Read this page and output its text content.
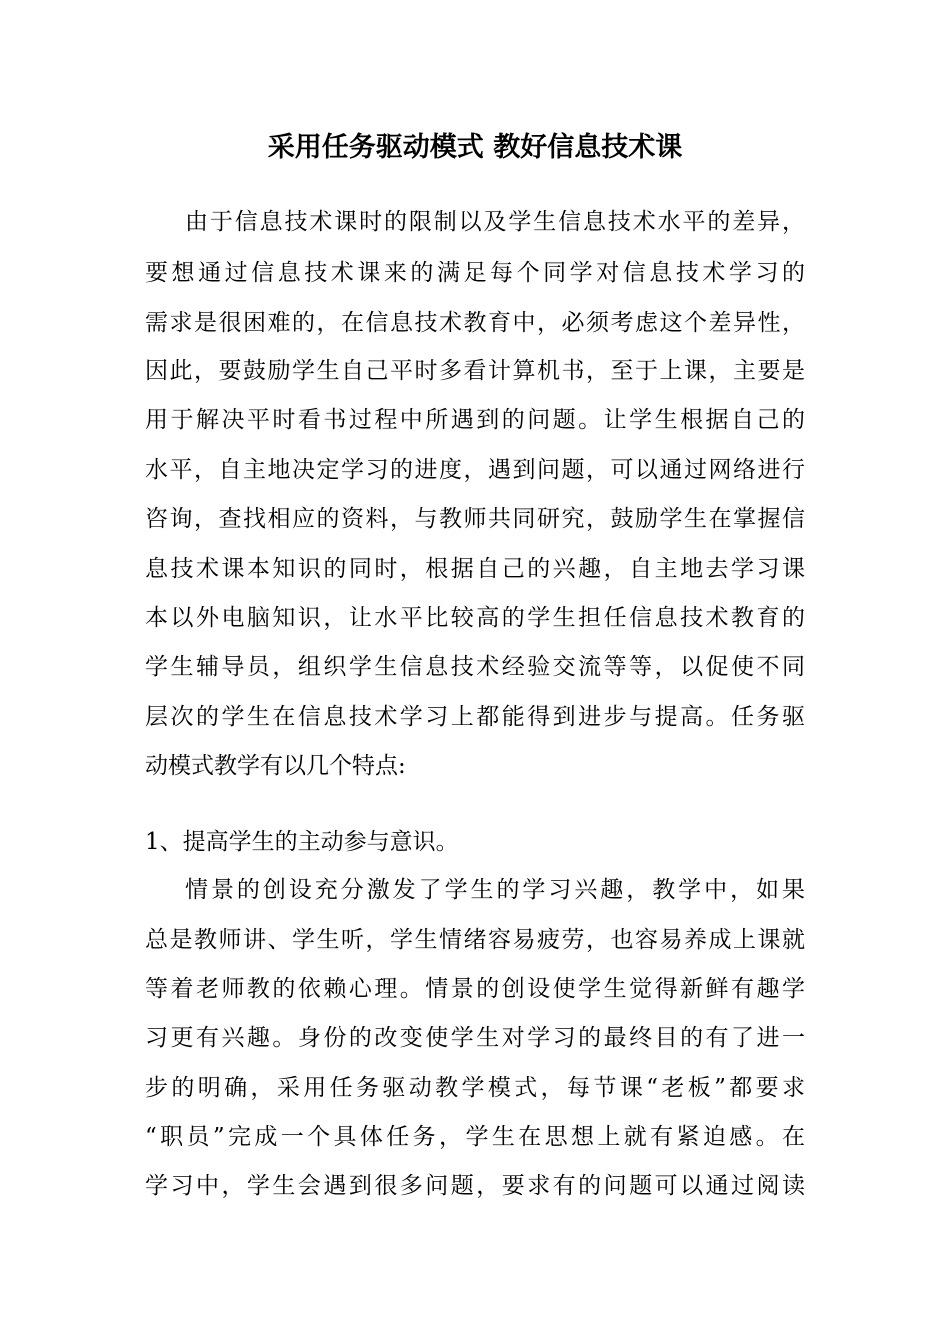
采用任务驱动模式 教好信息技术课
由于信息技术课时的限制以及学生信息技术水平的差异，
要想通过信息技术课来的满足每个同学对信息技术学习的
需求是很困难的，在信息技术教育中，必须考虑这个差异性，
因此，要鼓励学生自己平时多看计算机书，至于上课，主要是
用于解决平时看书过程中所遇到的问题。让学生根据自己的
水平，自主地决定学习的进度，遇到问题，可以通过网络进行
咨询，查找相应的资料，与教师共同研究，鼓励学生在掌握信
息技术课本知识的同时，根据自己的兴趣，自主地去学习课
本以外电脑知识，让水平比较高的学生担任信息技术教育的
学生辅导员，组织学生信息技术经验交流等等，以促使不同
层次的学生在信息技术学习上都能得到进步与提高。任务驱
动模式教学有以几个特点:
1、提高学生的主动参与意识。
情景的创设充分激发了学生的学习兴趣，教学中，如果
总是教师讲、学生听，学生情绪容易疲劳，也容易养成上课就
等着老师教的依赖心理。情景的创设使学生觉得新鲜有趣学
习更有兴趣。身份的改变使学生对学习的最终目的有了进一
步的明确，采用任务驱动教学模式，每节课“老板”都要求
“职员”完成一个具体任务，学生在思想上就有紧迫感。在
学习中，学生会遇到很多问题，要求有的问题可以通过阅读
